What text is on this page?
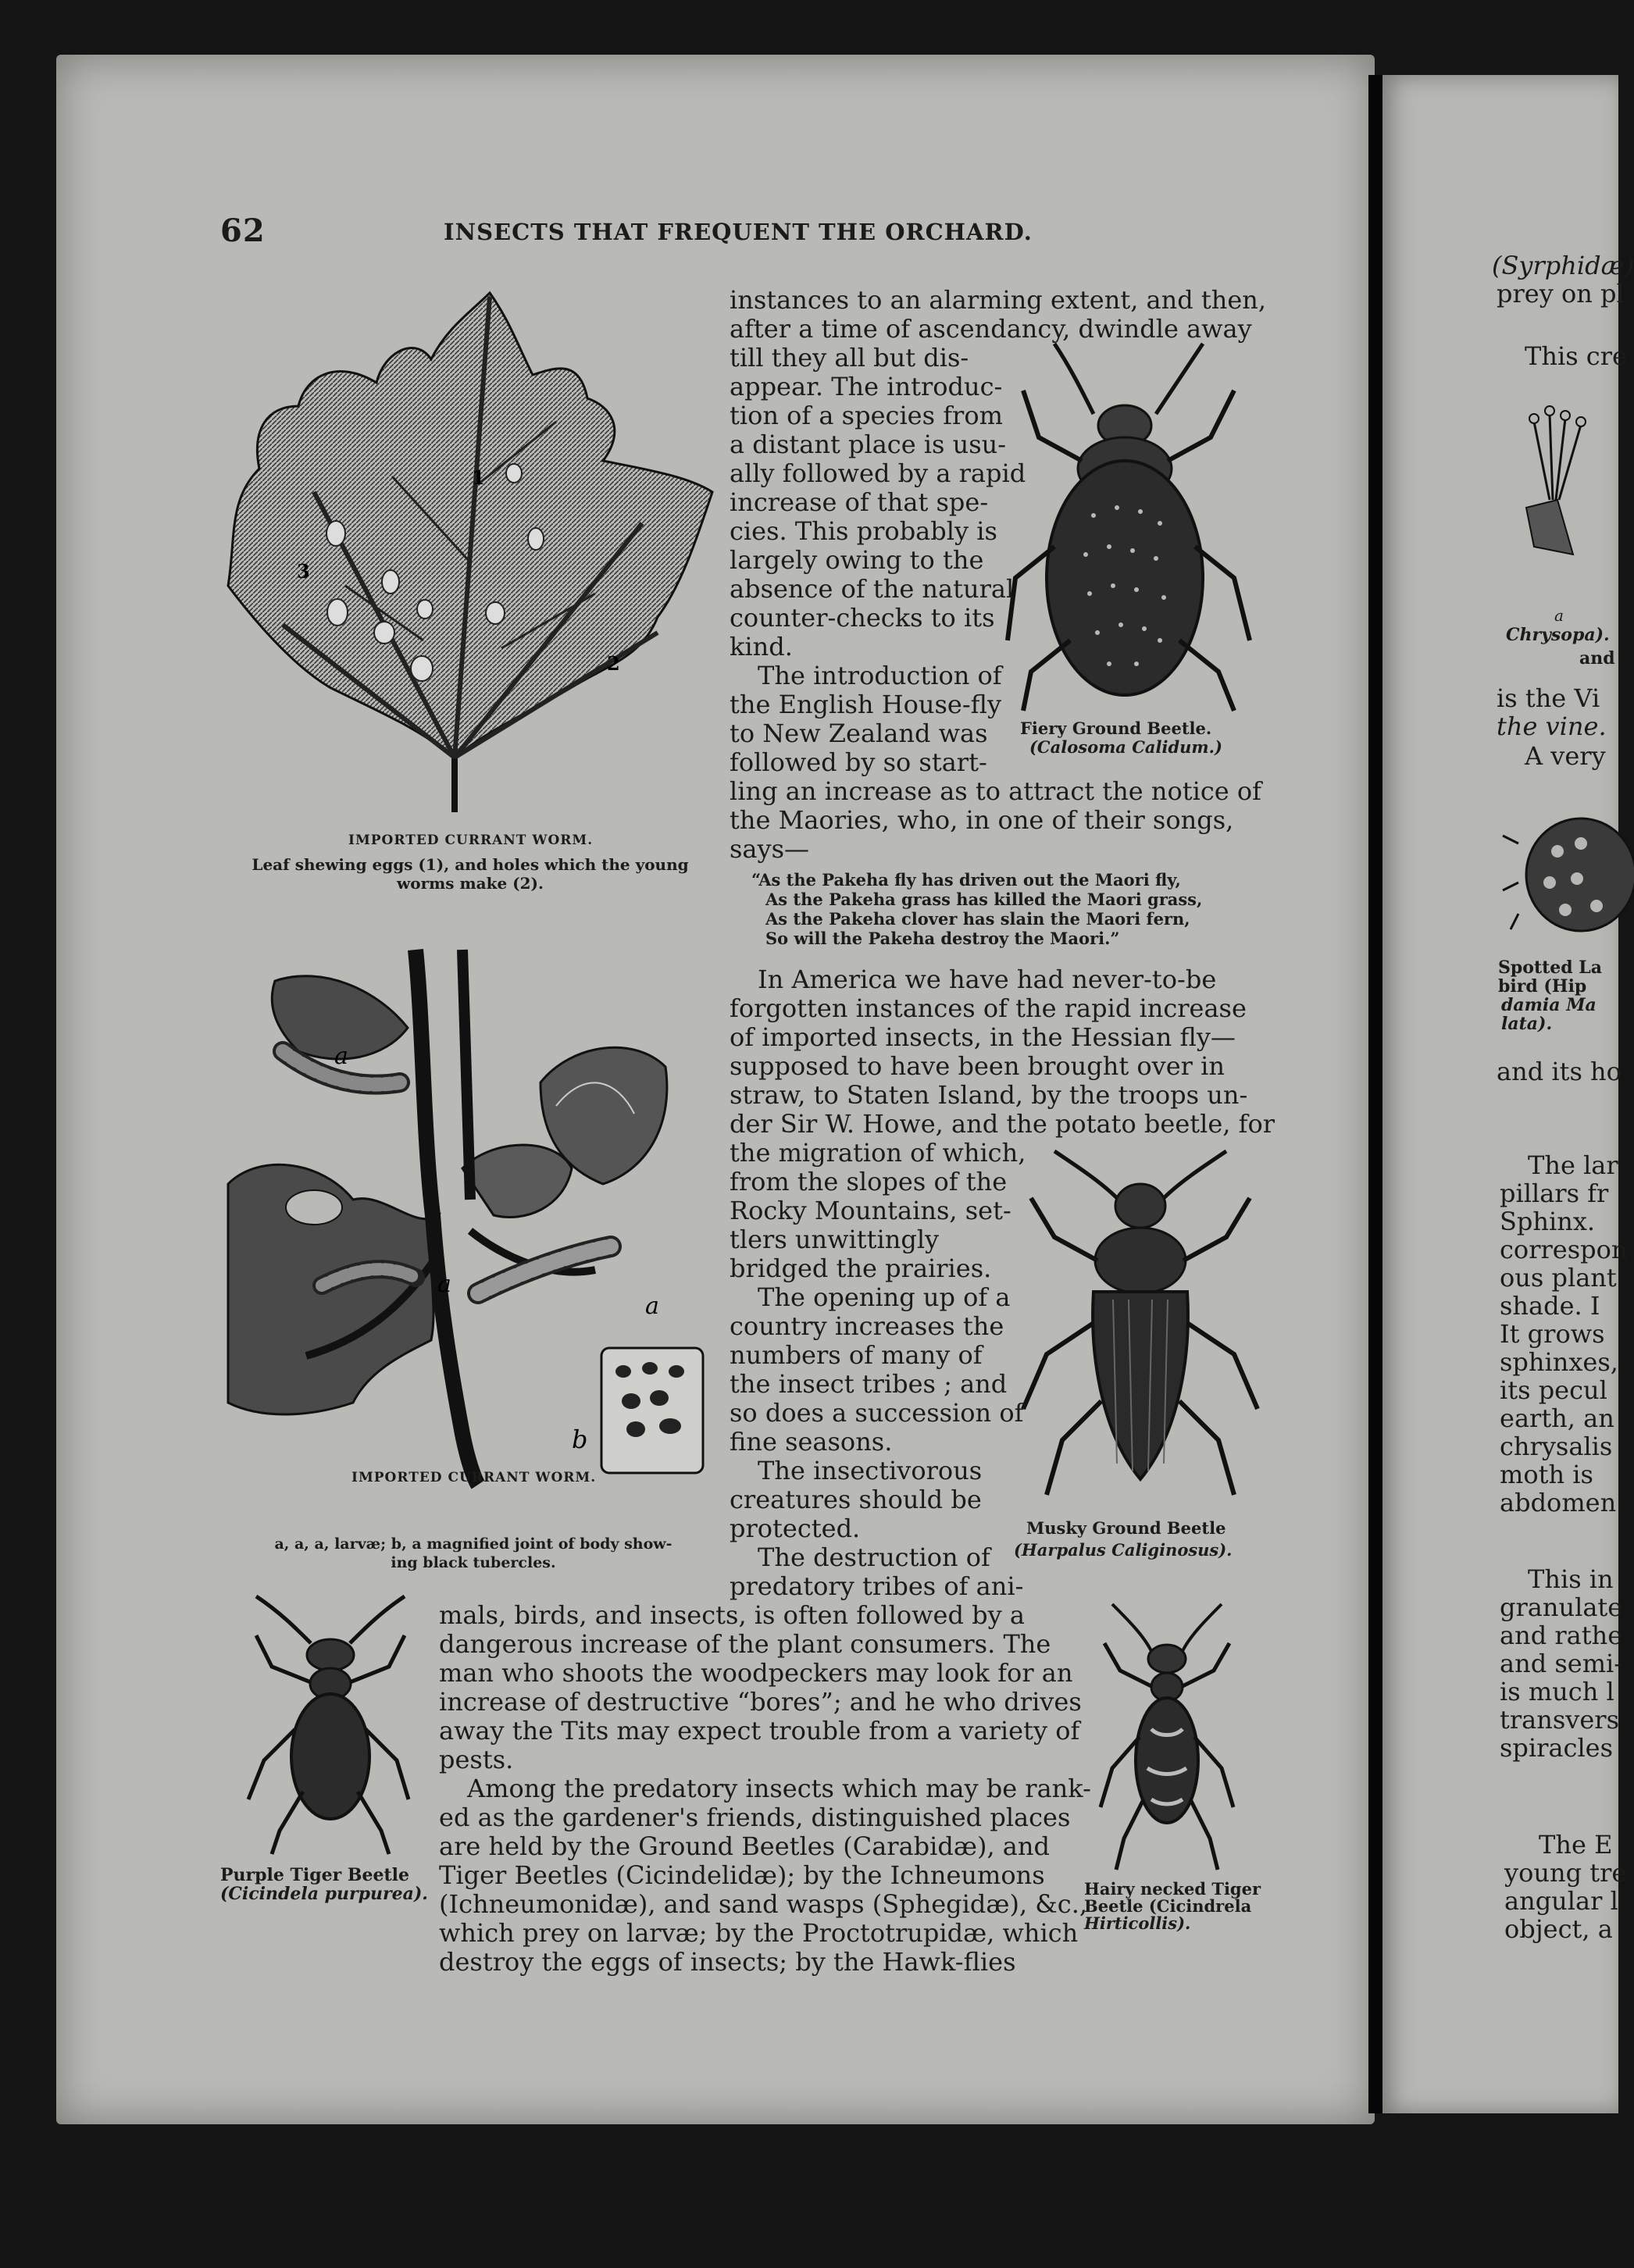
62	INSECTS THAT FREQUENT THE ORCHARD.
1
2
3
IMPORTED CURRANT WORM.
Leaf shewing eggs (1), and holes which the young
worms make (2).
a
a
a
b
IMPORTED CURRANT WORM.
a, a, a, larvæ; b, a magnified joint of body show-
ing black tubercles.
Fiery Ground Beetle.
(Calosoma Calidum.)
Musky Ground Beetle
(Harpalus Caliginosus).
Purple Tiger Beetle
(Cicindela purpurea).	Hairy necked Tiger
Beetle (Cicindrela
Hirticollis).
instances to an alarming extent, and then,
after a time of ascendancy, dwindle away
till they all but dis-
appear. The introduc-
tion of a species from
a distant place is usu-
ally followed by a rapid
increase of that spe-
cies. This probably is
largely owing to the
absence of the natural
counter-checks to its
kind.
The introduction of
the English House-fly
to New Zealand was
followed by so start-
ling an increase as to attract the notice of
the Maories, who, in one of their songs,
says—
“As the Pakeha fly has driven out the Maori fly,
As the Pakeha grass has killed the Maori grass,
As the Pakeha clover has slain the Maori fern,
So will the Pakeha destroy the Maori.”
In America we have had never-to-be
forgotten instances of the rapid increase
of imported insects, in the Hessian fly—
supposed to have been brought over in
straw, to Staten Island, by the troops un-
der Sir W. Howe, and the potato beetle, for
the migration of which,
from the slopes of the
Rocky Mountains, set-
tlers unwittingly
bridged the prairies.
The opening up of a
country increases the
numbers of many of
the insect tribes ; and
so does a succession of
fine seasons.
The insectivorous
creatures should be
protected.
The destruction of
predatory tribes of ani-
mals, birds, and insects, is often followed by a
dangerous increase of the plant consumers. The
man who shoots the woodpeckers may look for an
increase of destructive “bores”; and he who drives
away the Tits may expect trouble from a variety of
pests.
Among the predatory insects which may be rank-
ed as the gardener's friends, distinguished places
are held by the Ground Beetles (Carabidæ), and
Tiger Beetles (Cicindelidæ); by the Ichneumons
(Ichneumonidæ), and sand wasps (Sphegidæ), &c.,
which prey on larvæ; by the Proctotrupidæ, which
destroy the eggs of insects; by the Hawk-flies
(Syrphidæ)
prey on pl
This cre
a
Chrysopa).
and
is the Vi
the vine.
A very
Spotted La
bird (Hip
damia Ma
lata).
and its ho
The lar
pillars fr
Sphinx.
correspon
ous plant
shade. I
It grows
sphinxes,
its pecul
earth, an
chrysalis
moth is
abdomen
This in
granulate
and rathe
and semi-
is much l
transvers
spiracles
The E
young tre
angular l
object, a
